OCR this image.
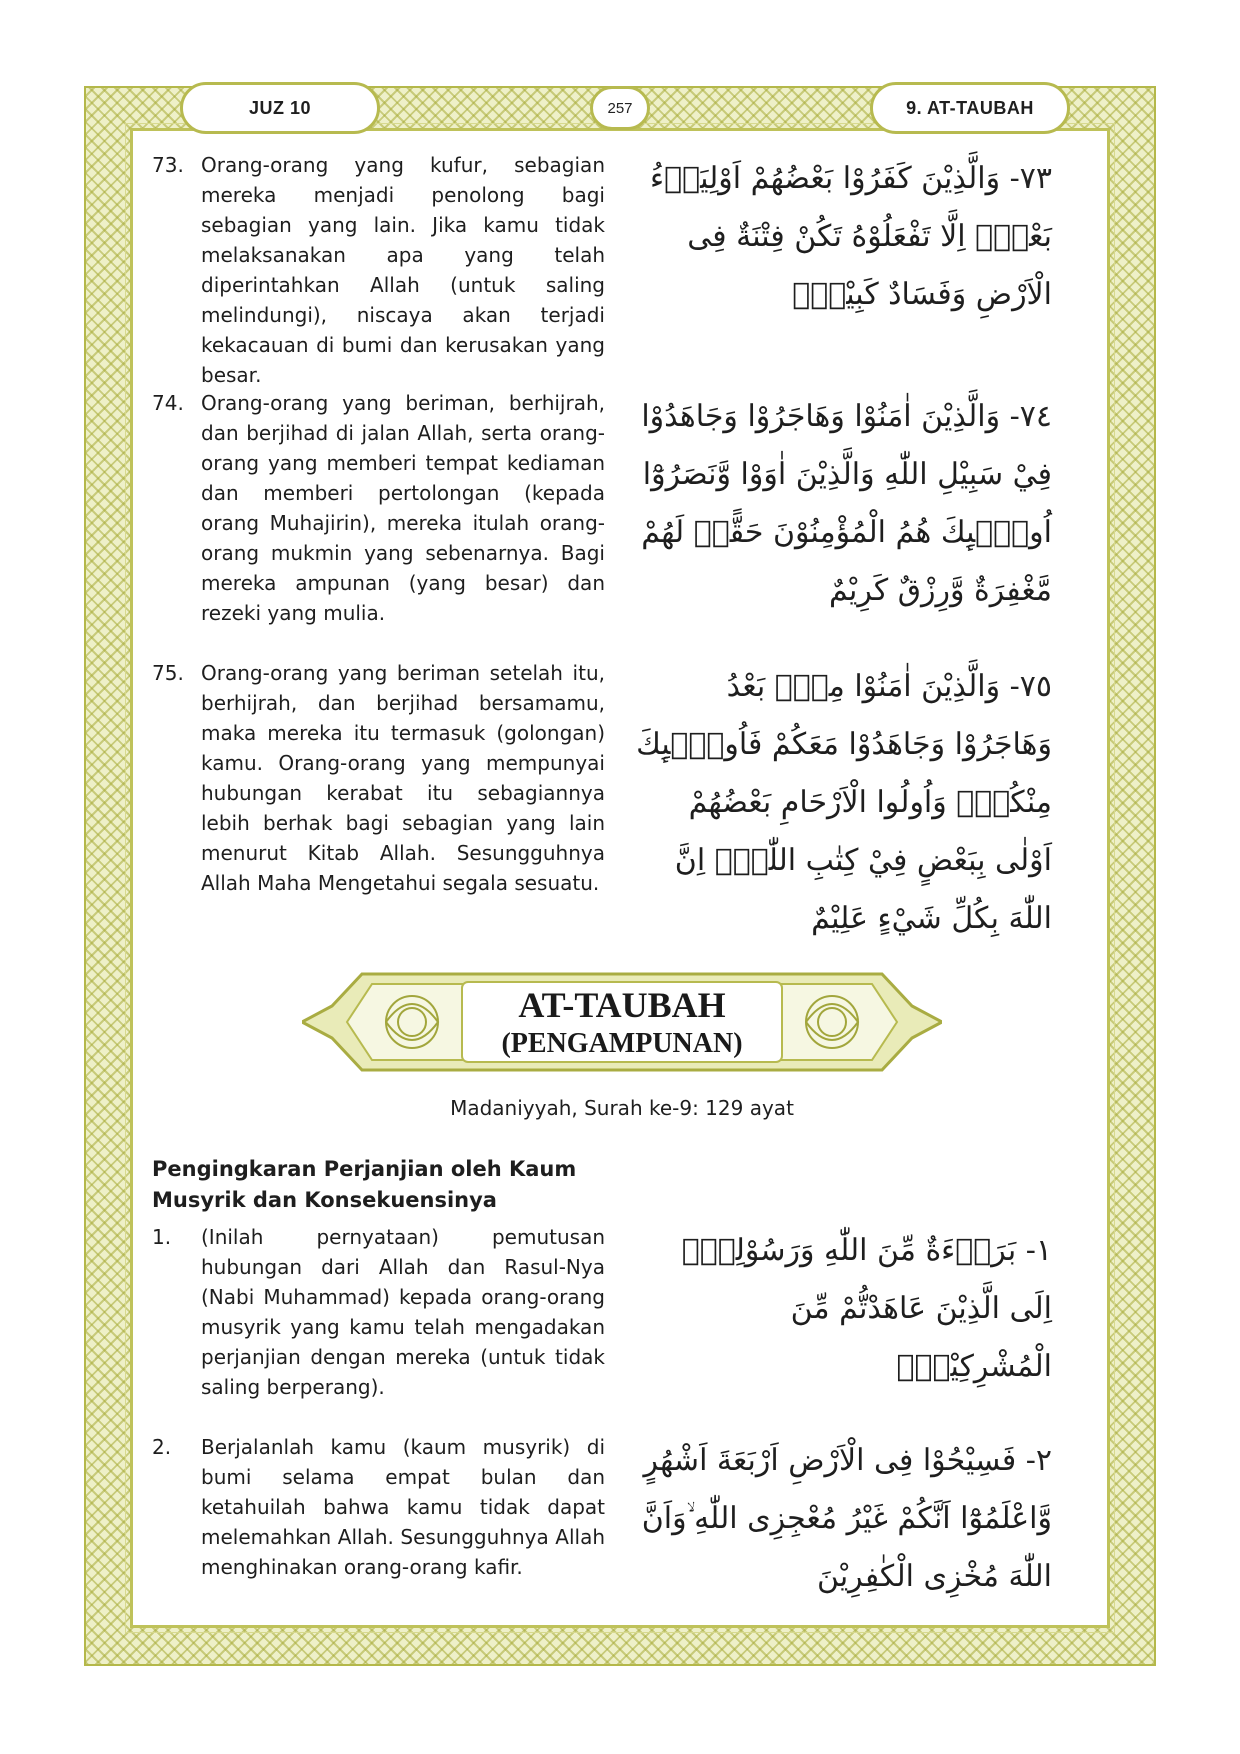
JUZ 10	257	9. AT-TAUBAH
73. Orang-orang yang kufur, sebagian mereka menjadi penolong bagi sebagian yang lain. Jika kamu tidak melaksanakan apa yang telah diperintahkan Allah (untuk saling melindungi), niscaya akan terjadi kekacauan di bumi dan kerusakan yang besar.
٧٣- وَالَّذِيْنَ كَفَرُوْا بَعْضُهُمْ اَوْلِيَاۤءُ بَعْضٍۗ اِلَّا تَفْعَلُوْهُ تَكُنْ فِتْنَةٌ فِى الْاَرْضِ وَفَسَادٌ كَبِيْرٌۗ
74. Orang-orang yang beriman, berhijrah, dan berjihad di jalan Allah, serta orang-orang yang memberi tempat kediaman dan memberi pertolongan (kepada orang Muhajirin), mereka itulah orang-orang mukmin yang sebenarnya. Bagi mereka ampunan (yang besar) dan rezeki yang mulia.
٧٤- وَالَّذِيْنَ اٰمَنُوْا وَهَاجَرُوْا وَجَاهَدُوْا فِيْ سَبِيْلِ اللّٰهِ وَالَّذِيْنَ اٰوَوْا وَّنَصَرُوْٓا اُولٰۤىِٕكَ هُمُ الْمُؤْمِنُوْنَ حَقًّاۗ لَهُمْ مَّغْفِرَةٌ وَّرِزْقٌ كَرِيْمٌ
75. Orang-orang yang beriman setelah itu, berhijrah, dan berjihad bersamamu, maka mereka itu termasuk (golongan) kamu. Orang-orang yang mempunyai hubungan kerabat itu sebagiannya lebih berhak bagi sebagian yang lain menurut Kitab Allah. Sesungguhnya Allah Maha Mengetahui segala sesuatu.
٧٥- وَالَّذِيْنَ اٰمَنُوْا مِنْۢ بَعْدُ وَهَاجَرُوْا وَجَاهَدُوْا مَعَكُمْ فَاُولٰۤىِٕكَ مِنْكُمْۗ وَاُولُوا الْاَرْحَامِ بَعْضُهُمْ اَوْلٰى بِبَعْضٍ فِيْ كِتٰبِ اللّٰهِۗ اِنَّ اللّٰهَ بِكُلِّ شَيْءٍ عَلِيْمٌ
AT-TAUBAH
(PENGAMPUNAN)
Madaniyyah, Surah ke-9: 129 ayat
Pengingkaran Perjanjian oleh Kaum Musyrik dan Konsekuensinya
1.	(Inilah pernyataan) pemutusan hubungan dari Allah dan Rasul-Nya (Nabi Muhammad) kepada orang-orang musyrik yang kamu telah mengadakan perjanjian dengan mereka (untuk tidak saling berperang).
١- بَرَاۤءَةٌ مِّنَ اللّٰهِ وَرَسُوْلِهٖٓ اِلَى الَّذِيْنَ عَاهَدْتُّمْ مِّنَ الْمُشْرِكِيْنَۗ
2.	Berjalanlah kamu (kaum musyrik) di bumi selama empat bulan dan ketahuilah bahwa kamu tidak dapat melemahkan Allah. Sesungguhnya Allah menghinakan orang-orang kafir.
٢- فَسِيْحُوْا فِى الْاَرْضِ اَرْبَعَةَ اَشْهُرٍ وَّاعْلَمُوْٓا اَنَّكُمْ غَيْرُ مُعْجِزِى اللّٰهِ ۙوَاَنَّ اللّٰهَ مُخْزِى الْكٰفِرِيْنَ
